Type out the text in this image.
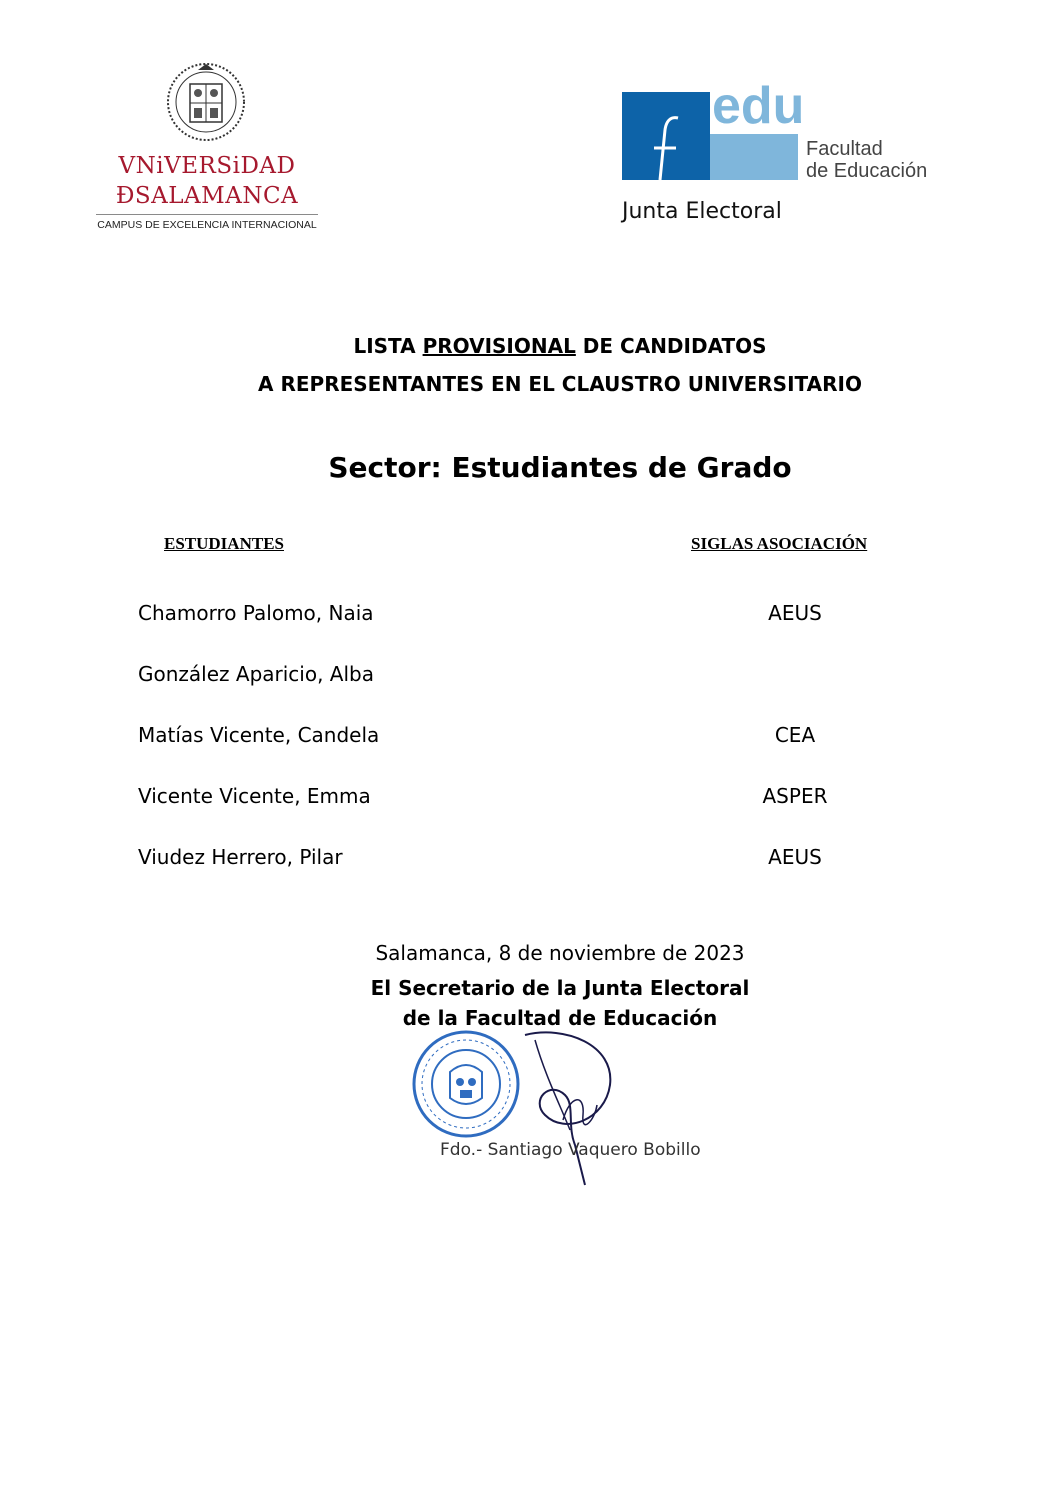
VNiVERSiDAD
ÐSALAMANCA
CAMPUS DE EXCELENCIA INTERNACIONAL
edu
Facultad
de Educación
Junta Electoral
LISTA PROVISIONAL DE CANDIDATOS
A REPRESENTANTES EN EL CLAUSTRO UNIVERSITARIO
Sector: Estudiantes de Grado
ESTUDIANTES	SIGLAS ASOCIACIÓN
Chamorro Palomo, Naia	AEUS
González Aparicio, Alba
Matías Vicente, Candela	CEA
Vicente Vicente, Emma	ASPER
Viudez Herrero, Pilar	AEUS
Salamanca, 8 de noviembre de 2023
El Secretario de la Junta Electoral
de la Facultad de Educación
Fdo.- Santiago Vaquero Bobillo
